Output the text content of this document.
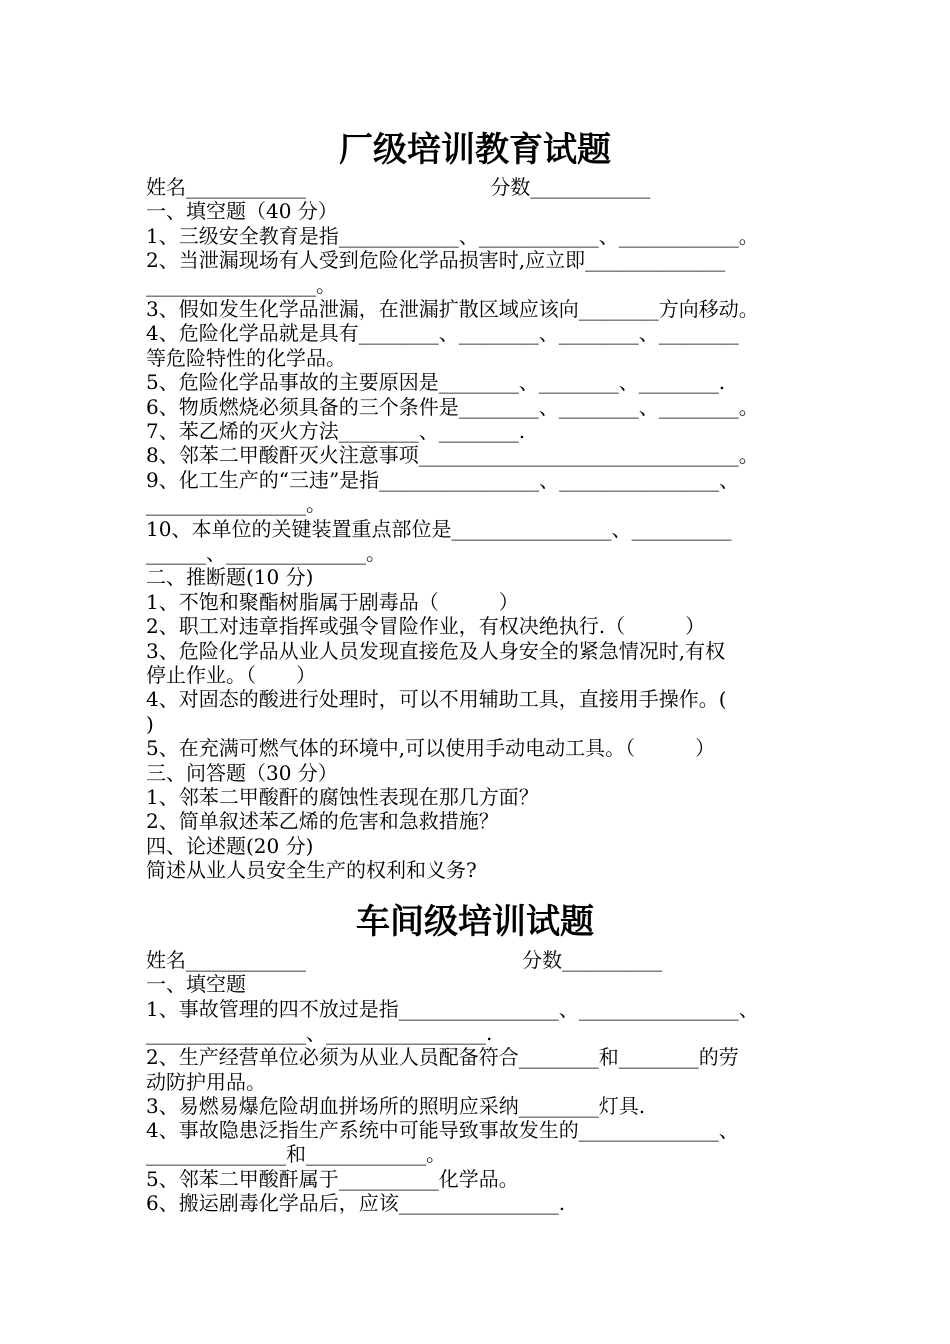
厂级培训教育试题

姓名____________                             分数____________

一、填空题（40 分）

1、三级安全教育是指____________、____________、____________。

2、当泄漏现场有人受到危险化学品损害时,应立即______________

_________________。

3、假如发生化学品泄漏，在泄漏扩散区域应该向________方向移动。

4、危险化学品就是具有________、________、________、________

等危险特性的化学品。

5、危险化学品事故的主要原因是________、________、________.

6、物质燃烧必须具备的三个条件是________、________、________。

7、苯乙烯的灭火方法________、________.

8、邻苯二甲酸酐灭火注意事项________________________________。

9、化工生产的“三违”是指________________、________________、

________________。

10、本单位的关键装置重点部位是________________、__________

______、______________。

二、推断题(10 分)

1、不饱和聚酯树脂属于剧毒品（　　　）

2、职工对违章指挥或强令冒险作业，有权决绝执行.（　　　）

3、危险化学品从业人员发现直接危及人身安全的紧急情况时,有权

停止作业。（　　）

4、对固态的酸进行处理时，可以不用辅助工具，直接用手操作。(

)

5、在充满可燃气体的环境中,可以使用手动电动工具。（　　　）

三、问答题（30 分）

1、邻苯二甲酸酐的腐蚀性表现在那几方面？

2、简单叙述苯乙烯的危害和急救措施？

四、论述题(20 分)

简述从业人员安全生产的权利和义务?

车间级培训试题

姓名____________                                  分数__________

一、填空题

1、事故管理的四不放过是指________________、________________、

________________、________________.

2、生产经营单位必须为从业人员配备符合________和________的劳

动防护用品。

3、易燃易爆危险胡血拼场所的照明应采纳________灯具.

4、事故隐患泛指生产系统中可能导致事故发生的______________、

______________和____________。

5、邻苯二甲酸酐属于__________化学品。

6、搬运剧毒化学品后，应该________________.
